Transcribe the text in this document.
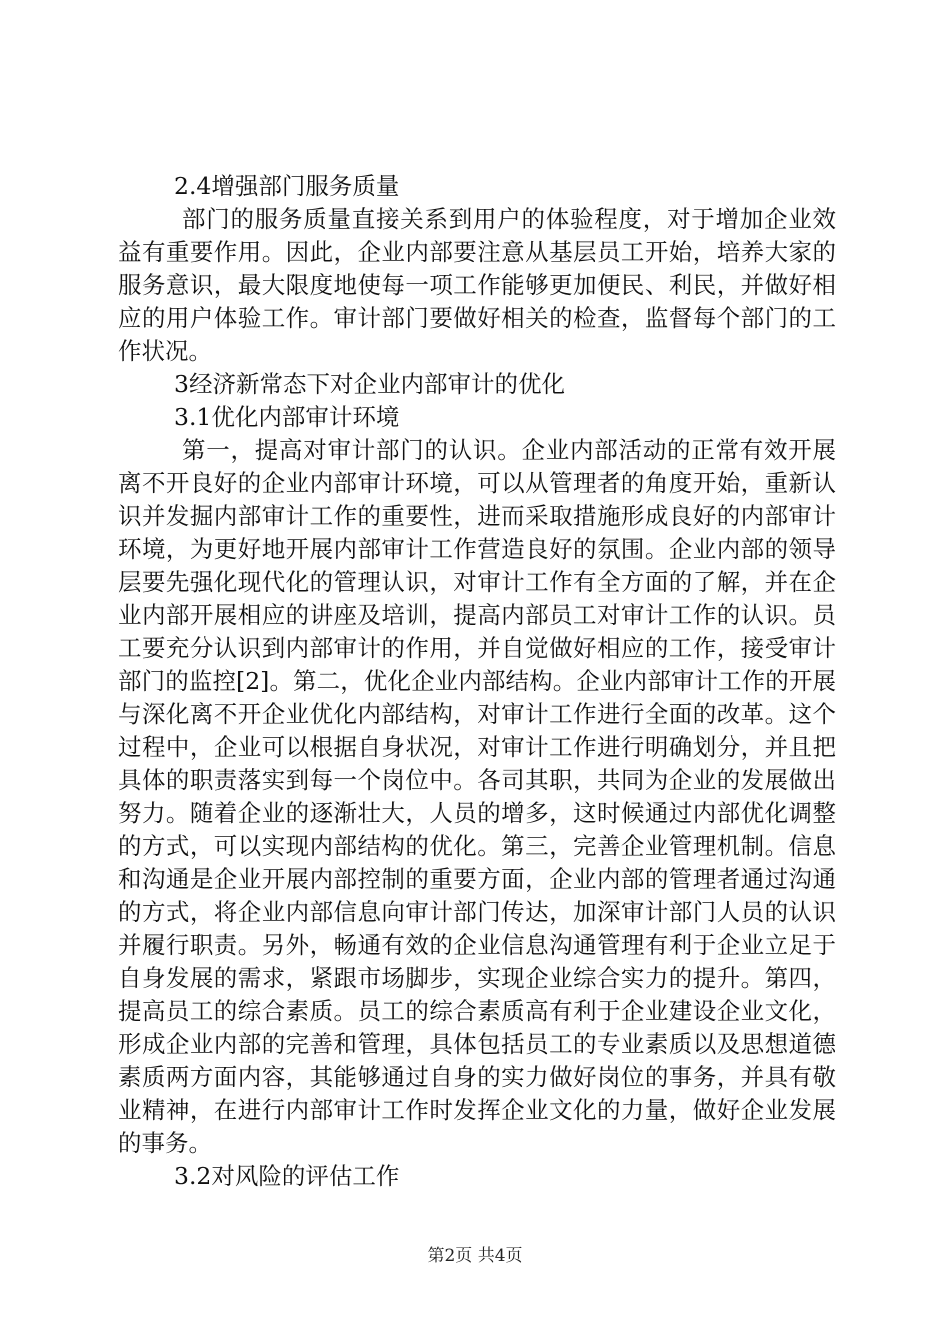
2.4增强部门服务质量

部门的服务质量直接关系到用户的体验程度，对于增加企业效益有重要作用。因此，企业内部要注意从基层员工开始，培养大家的服务意识，最大限度地使每一项工作能够更加便民、利民，并做好相应的用户体验工作。审计部门要做好相关的检查，监督每个部门的工作状况。

3经济新常态下对企业内部审计的优化

3.1优化内部审计环境

第一，提高对审计部门的认识。企业内部活动的正常有效开展离不开良好的企业内部审计环境，可以从管理者的角度开始，重新认识并发掘内部审计工作的重要性，进而采取措施形成良好的内部审计环境，为更好地开展内部审计工作营造良好的氛围。企业内部的领导层要先强化现代化的管理认识，对审计工作有全方面的了解，并在企业内部开展相应的讲座及培训，提高内部员工对审计工作的认识。员工要充分认识到内部审计的作用，并自觉做好相应的工作，接受审计部门的监控[2]。第二，优化企业内部结构。企业内部审计工作的开展与深化离不开企业优化内部结构，对审计工作进行全面的改革。这个过程中，企业可以根据自身状况，对审计工作进行明确划分，并且把具体的职责落实到每一个岗位中。各司其职，共同为企业的发展做出努力。随着企业的逐渐壮大，人员的增多，这时候通过内部优化调整的方式，可以实现内部结构的优化。第三，完善企业管理机制。信息和沟通是企业开展内部控制的重要方面，企业内部的管理者通过沟通的方式，将企业内部信息向审计部门传达，加深审计部门人员的认识并履行职责。另外，畅通有效的企业信息沟通管理有利于企业立足于自身发展的需求，紧跟市场脚步，实现企业综合实力的提升。第四，提高员工的综合素质。员工的综合素质高有利于企业建设企业文化，形成企业内部的完善和管理，具体包括员工的专业素质以及思想道德素质两方面内容，其能够通过自身的实力做好岗位的事务，并具有敬业精神，在进行内部审计工作时发挥企业文化的力量，做好企业发展的事务。

3.2对风险的评估工作

第2页 共4页
